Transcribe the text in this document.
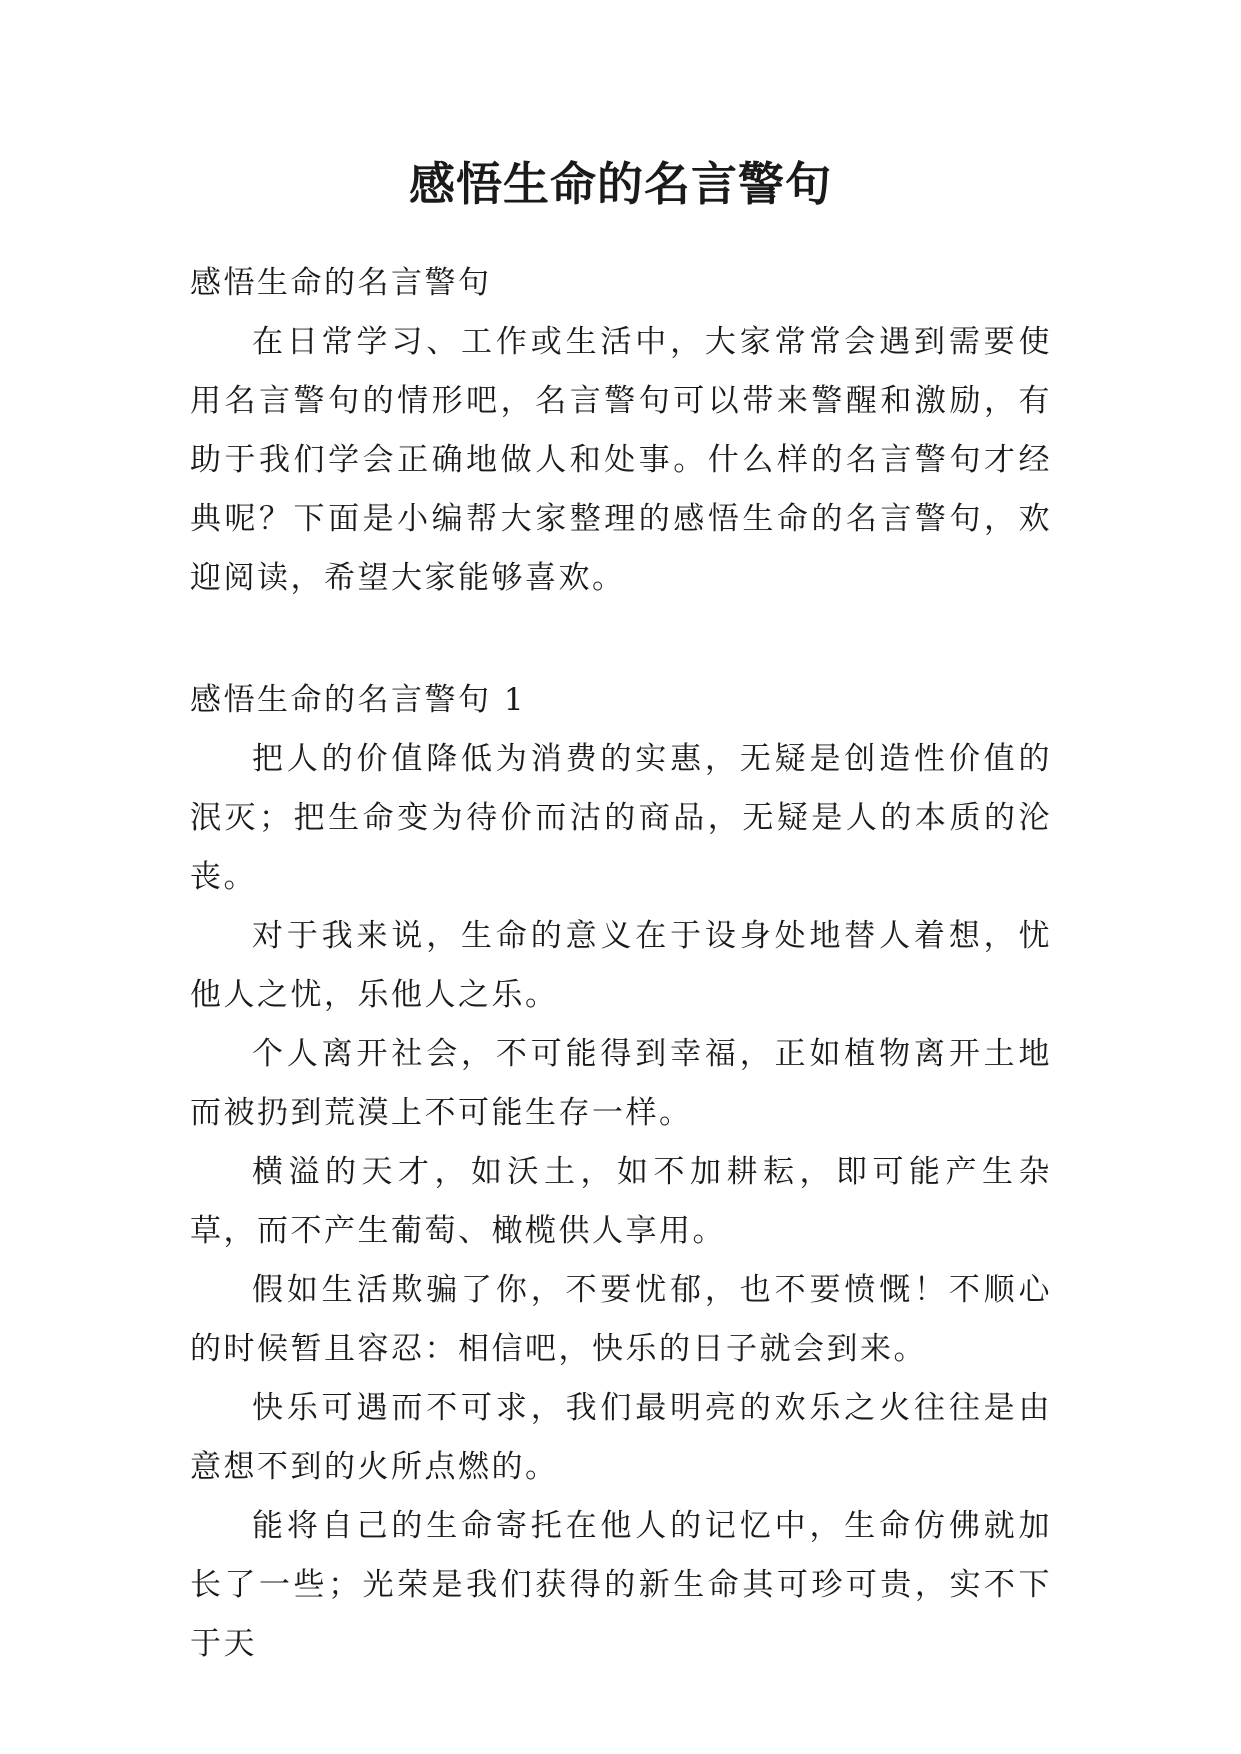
感悟生命的名言警句

感悟生命的名言警句

在日常学习、工作或生活中，大家常常会遇到需要使用名言警句的情形吧，名言警句可以带来警醒和激励，有助于我们学会正确地做人和处事。什么样的名言警句才经典呢？下面是小编帮大家整理的感悟生命的名言警句，欢迎阅读，希望大家能够喜欢。

感悟生命的名言警句 1

把人的价值降低为消费的实惠，无疑是创造性价值的泯灭；把生命变为待价而沽的商品，无疑是人的本质的沦丧。

对于我来说，生命的意义在于设身处地替人着想，忧他人之忧，乐他人之乐。

个人离开社会，不可能得到幸福，正如植物离开土地而被扔到荒漠上不可能生存一样。

横溢的天才，如沃土，如不加耕耘，即可能产生杂草，而不产生葡萄、橄榄供人享用。

假如生活欺骗了你，不要忧郁，也不要愤慨！不顺心的时候暂且容忍：相信吧，快乐的日子就会到来。

快乐可遇而不可求，我们最明亮的欢乐之火往往是由意想不到的火所点燃的。

能将自己的生命寄托在他人的记忆中，生命仿佛就加长了一些；光荣是我们获得的新生命其可珍可贵，实不下于天
